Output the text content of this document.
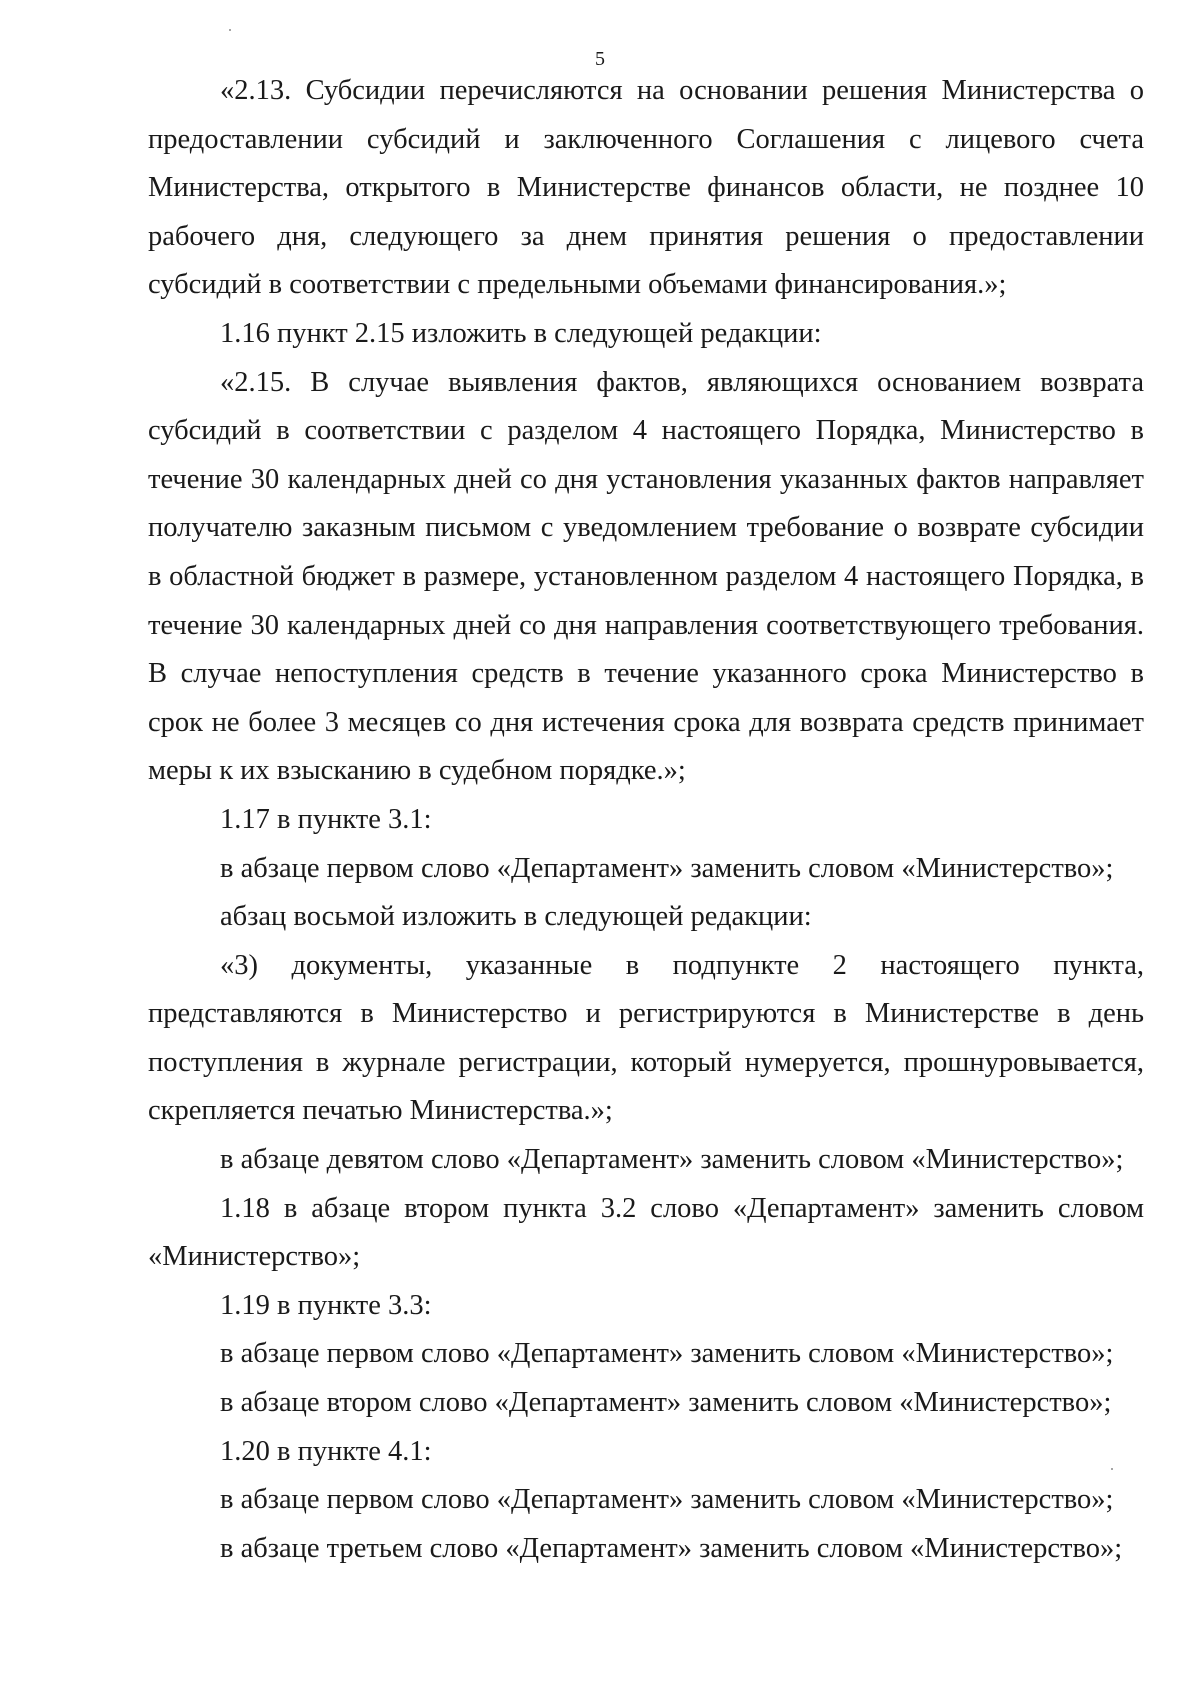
5

«2.13. Субсидии перечисляются на основании решения Министерства о предоставлении субсидий и заключенного Соглашения с лицевого счета Министерства, открытого в Министерстве финансов области, не позднее 10 рабочего дня, следующего за днем принятия решения о предоставлении субсидий в соответствии с предельными объемами финансирования.»;

1.16 пункт 2.15 изложить в следующей редакции:

«2.15. В случае выявления фактов, являющихся основанием возврата субсидий в соответствии с разделом 4 настоящего Порядка, Министерство в течение 30 календарных дней со дня установления указанных фактов направляет получателю заказным письмом с уведомлением требование о возврате субсидии в областной бюджет в размере, установленном разделом 4 настоящего Порядка, в течение 30 календарных дней со дня направления соответствующего требования. В случае непоступления средств в течение указанного срока Министерство в срок не более 3 месяцев со дня истечения срока для возврата средств принимает меры к их взысканию в судебном порядке.»;

1.17 в пункте 3.1:

в абзаце первом слово «Департамент» заменить словом «Министерство»;

абзац восьмой изложить в следующей редакции:

«3) документы, указанные в подпункте 2 настоящего пункта, представляются в Министерство и регистрируются в Министерстве в день поступления в журнале регистрации, который нумеруется, прошнуровывается, скрепляется печатью Министерства.»;

в абзаце девятом слово «Департамент» заменить словом «Министерство»;

1.18 в абзаце втором пункта 3.2 слово «Департамент» заменить словом «Министерство»;

1.19 в пункте 3.3:

в абзаце первом слово «Департамент» заменить словом «Министерство»;

в абзаце втором слово «Департамент» заменить словом «Министерство»;

1.20 в пункте 4.1:

в абзаце первом слово «Департамент» заменить словом «Министерство»;

в абзаце третьем слово «Департамент» заменить словом «Министерство»;
